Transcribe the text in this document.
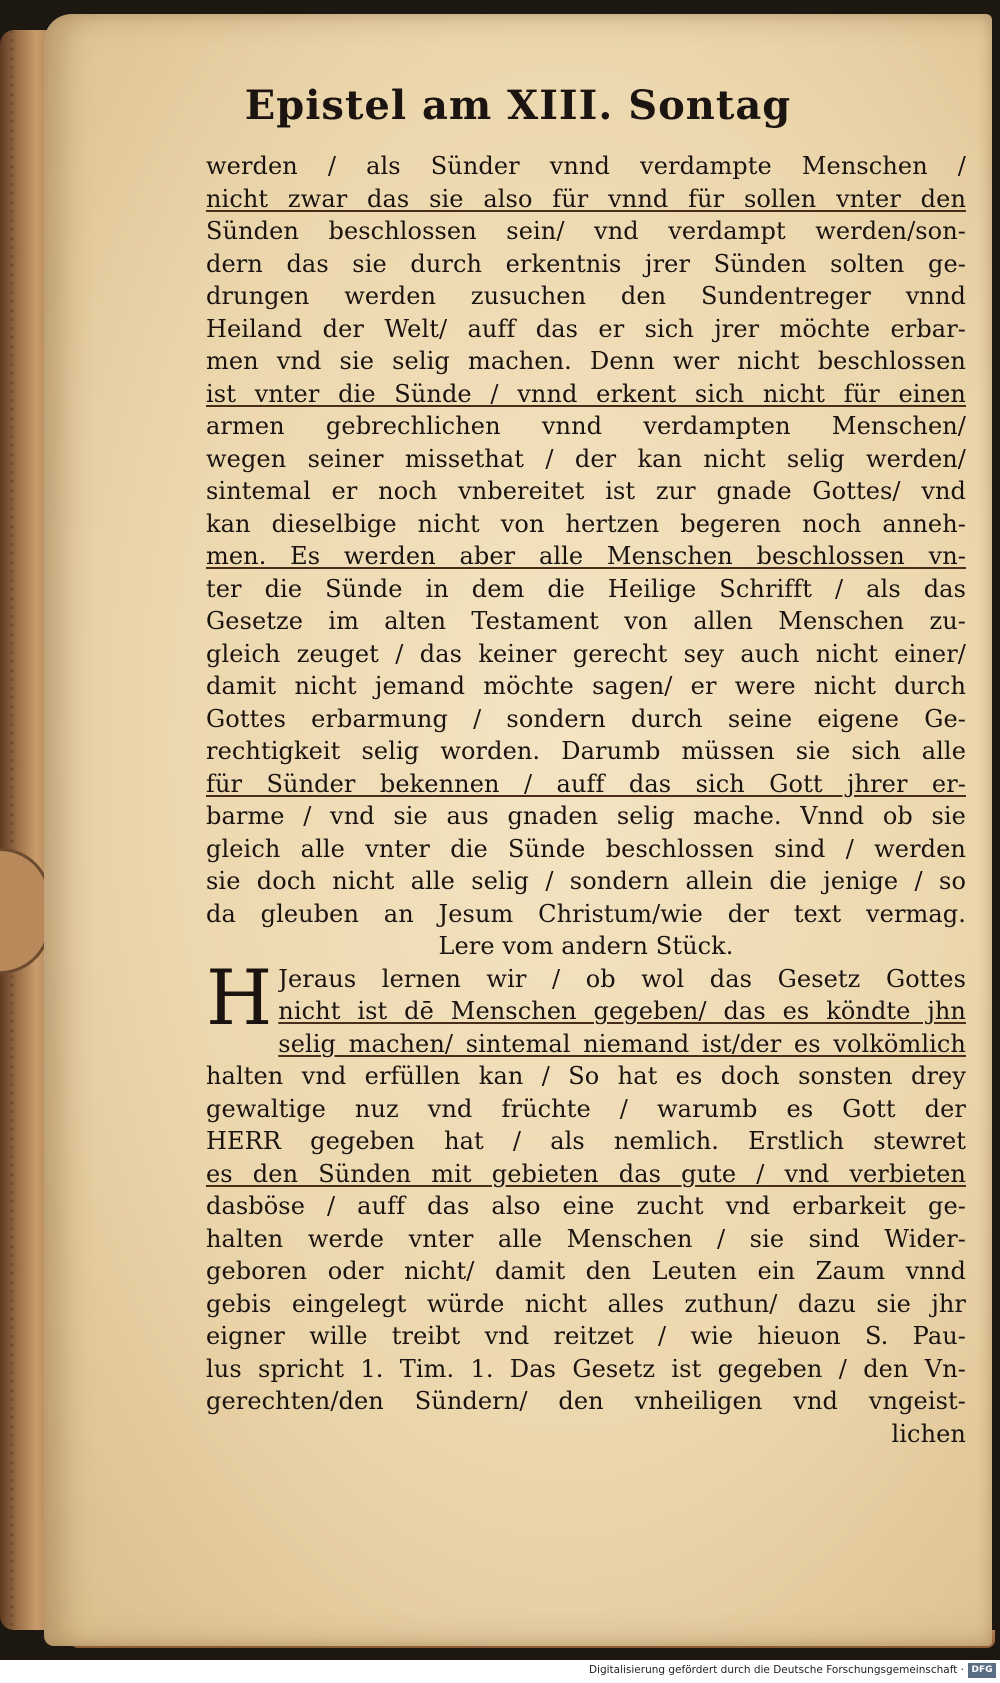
Epistel am XIII. Sontag
werden / als Sünder vnnd verdampte Menschen /
nicht zwar das sie also für vnnd für sollen vnter den
Sünden beschlossen sein/ vnd verdampt werden/son-
dern das sie durch erkentnis jrer Sünden solten ge-
drungen werden zusuchen den Sundentreger vnnd
Heiland der Welt/ auff das er sich jrer möchte erbar-
men vnd sie selig machen. Denn wer nicht beschlossen
ist vnter die Sünde / vnnd erkent sich nicht für einen
armen gebrechlichen vnnd verdampten Menschen/
wegen seiner missethat / der kan nicht selig werden/
sintemal er noch vnbereitet ist zur gnade Gottes/ vnd
kan dieselbige nicht von hertzen begeren noch anneh-
men. Es werden aber alle Menschen beschlossen vn-
ter die Sünde in dem die Heilige Schrifft / als das
Gesetze im alten Testament von allen Menschen zu-
gleich zeuget / das keiner gerecht sey auch nicht einer/
damit nicht jemand möchte sagen/ er were nicht durch
Gottes erbarmung / sondern durch seine eigene Ge-
rechtigkeit selig worden. Darumb müssen sie sich alle
für Sünder bekennen / auff das sich Gott jhrer er-
barme / vnd sie aus gnaden selig mache. Vnnd ob sie
gleich alle vnter die Sünde beschlossen sind / werden
sie doch nicht alle selig / sondern allein die jenige / so
da gleuben an Jesum Christum/wie der text vermag.
Lere vom andern Stück.
H Jeraus lernen wir / ob wol das Gesetz Gottes
nicht ist dē Menschen gegeben/ das es köndte jhn
selig machen/ sintemal niemand ist/der es volkömlich
halten vnd erfüllen kan / So hat es doch sonsten drey
gewaltige nuz vnd früchte / warumb es Gott der
HERR gegeben hat / als nemlich. Erstlich stewret
es den Sünden mit gebieten das gute / vnd verbieten
dasböse / auff das also eine zucht vnd erbarkeit ge-
halten werde vnter alle Menschen / sie sind Wider-
geboren oder nicht/ damit den Leuten ein Zaum vnnd
gebis eingelegt würde nicht alles zuthun/ dazu sie jhr
eigner wille treibt vnd reitzet / wie hieuon S. Pau-
lus spricht 1. Tim. 1. Das Gesetz ist gegeben / den Vn-
gerechten/den Sündern/ den vnheiligen vnd vngeist-
lichen
Digitalisierung gefördert durch die Deutsche Forschungsgemeinschaft · DFG
